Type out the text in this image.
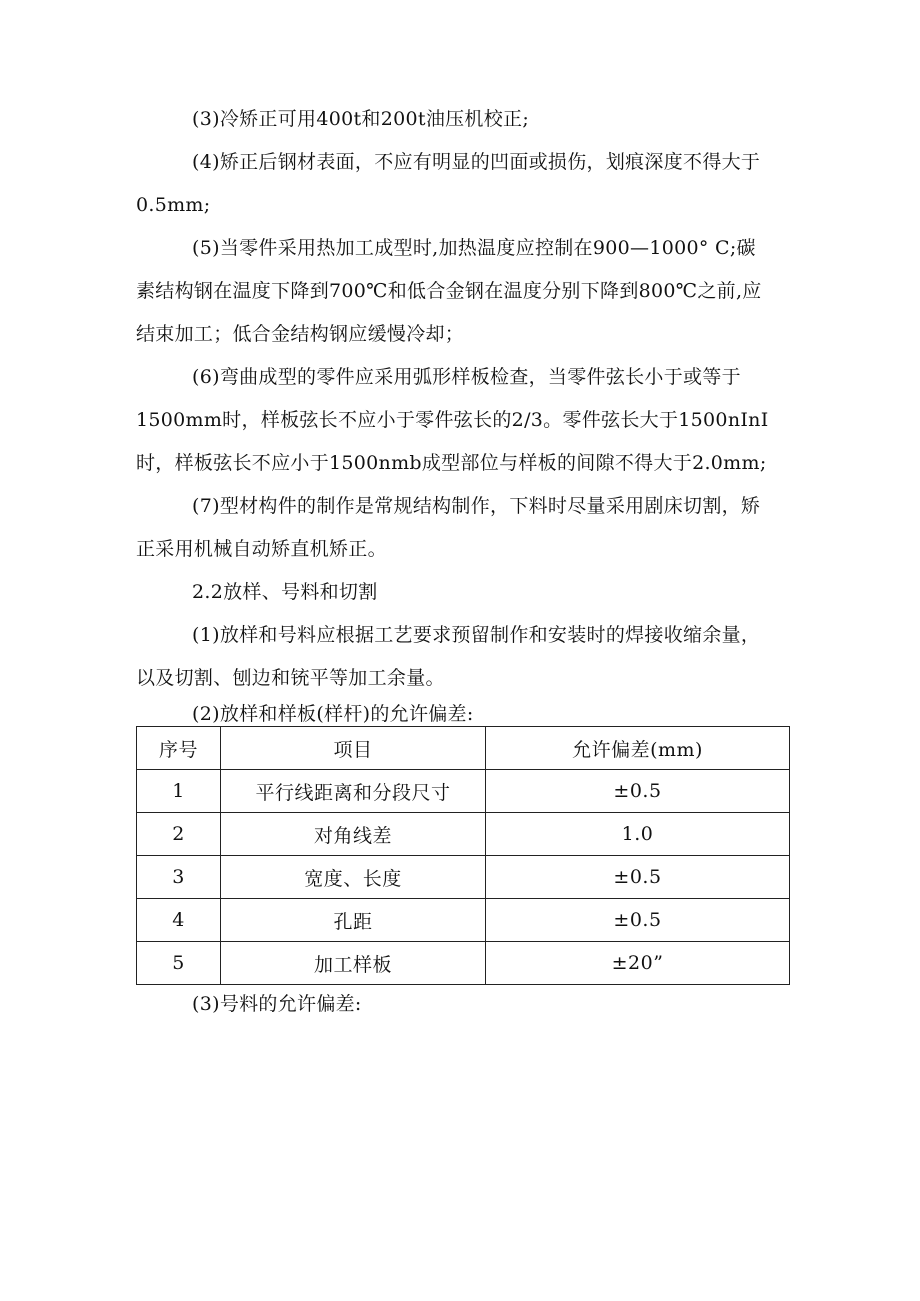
(3)冷矫正可用400t和200t油压机校正;
(4)矫正后钢材表面，不应有明显的凹面或损伤，划痕深度不得大于
0.5mm;
(5)当零件采用热加工成型时,加热温度应控制在900—1000° C;碳
素结构钢在温度下降到700℃和低合金钢在温度分别下降到800℃之前,应
结束加工；低合金结构钢应缓慢冷却；
(6)弯曲成型的零件应采用弧形样板检查，当零件弦长小于或等于
1500mm时，样板弦长不应小于零件弦长的2/3。零件弦长大于1500nInI
时，样板弦长不应小于1500nmb成型部位与样板的间隙不得大于2.0mm;
(7)型材构件的制作是常规结构制作，下料时尽量采用剧床切割，矫
正采用机械自动矫直机矫正。
2.2放样、号料和切割
(1)放样和号料应根据工艺要求预留制作和安装时的焊接收缩余量，
以及切割、刨边和铳平等加工余量。
(2)放样和样板(样杆)的允许偏差:
序号	项目	允许偏差(mm)
1	平行线距离和分段尺寸	±0.5
2	对角线差	1.0
3	宽度、长度	±0.5
4	孔距	±0.5
5	加工样板	±20”
(3)号料的允许偏差:
